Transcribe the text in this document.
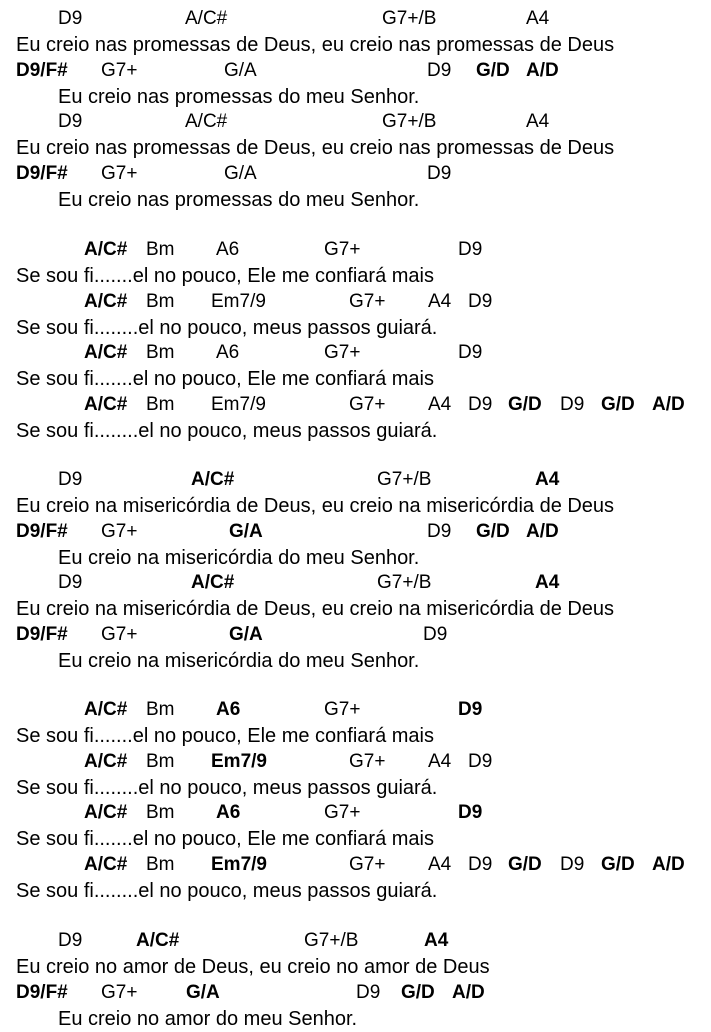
D9	A/C#	G7+/B	A4
Eu creio nas promessas de Deus, eu creio nas promessas de Deus
D9/F# G7+	G/A	D9 G/D A/D
Eu creio nas promessas do meu Senhor.
D9	A/C#	G7+/B	A4
Eu creio nas promessas de Deus, eu creio nas promessas de Deus
D9/F# G7+	G/A	D9
Eu creio nas promessas do meu Senhor.
A/C# Bm A6	G7+	D9
Se sou fi.......el no pouco, Ele me confiará mais
A/C# Bm Em7/9	G7+ A4 D9
Se sou fi........el no pouco, meus passos guiará.
A/C# Bm A6	G7+	D9
Se sou fi.......el no pouco, Ele me confiará mais
A/C# Bm Em7/9	G7+ A4 D9 G/D D9 G/D A/D
Se sou fi........el no pouco, meus passos guiará.
D9	A/C#	G7+/B	A4
Eu creio na misericórdia de Deus, eu creio na misericórdia de Deus
D9/F# G7+	G/A	D9 G/D A/D
Eu creio na misericórdia do meu Senhor.
D9	A/C#	G7+/B	A4
Eu creio na misericórdia de Deus, eu creio na misericórdia de Deus
D9/F# G7+	G/A	D9
Eu creio na misericórdia do meu Senhor.
A/C# Bm A6	G7+	D9
Se sou fi.......el no pouco, Ele me confiará mais
A/C# Bm Em7/9	G7+ A4 D9
Se sou fi........el no pouco, meus passos guiará.
A/C# Bm A6	G7+	D9
Se sou fi.......el no pouco, Ele me confiará mais
A/C# Bm Em7/9	G7+ A4 D9 G/D D9 G/D A/D
Se sou fi........el no pouco, meus passos guiará.
D9	A/C#	G7+/B	A4
Eu creio no amor de Deus, eu creio no amor de Deus
D9/F# G7+	G/A	D9 G/D A/D
Eu creio no amor do meu Senhor.
